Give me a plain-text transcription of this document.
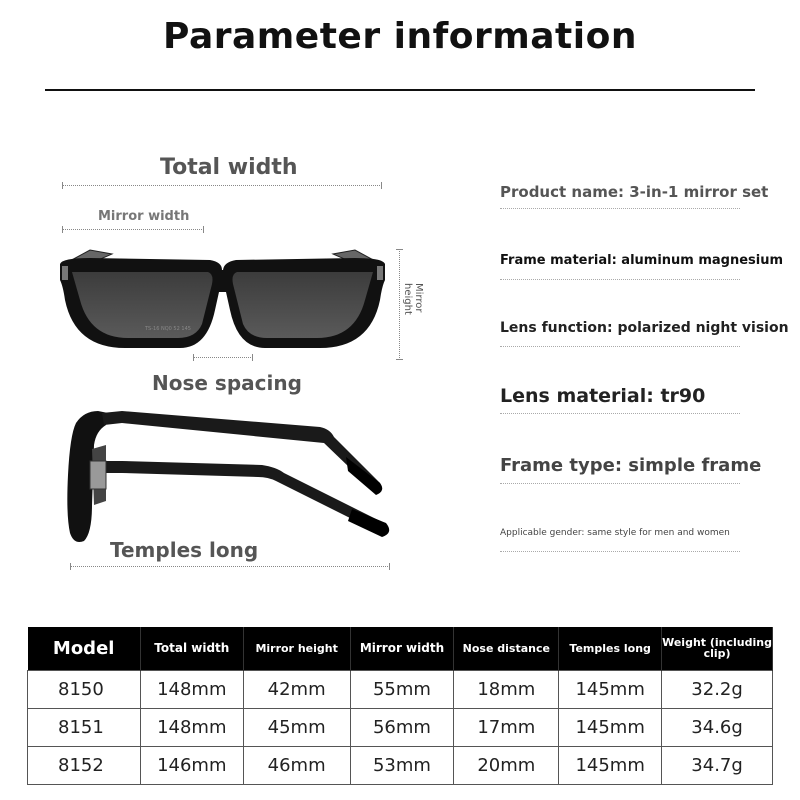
Parameter information
Total width
Mirror width
TS-16 NQ0 52 145
Mirror height
Nose spacing
Temples long
Product name: 3-in-1 mirror set
Frame material: aluminum magnesium
Lens function: polarized night vision
Lens material: tr90
Frame type: simple frame
Applicable gender: same style for men and women
Model	Total width	Mirror height	Mirror width	Nose distance	Temples long	Weight (including clip)
8150	148mm	42mm	55mm	18mm	145mm	32.2g
8151	148mm	45mm	56mm	17mm	145mm	34.6g
8152	146mm	46mm	53mm	20mm	145mm	34.7g
